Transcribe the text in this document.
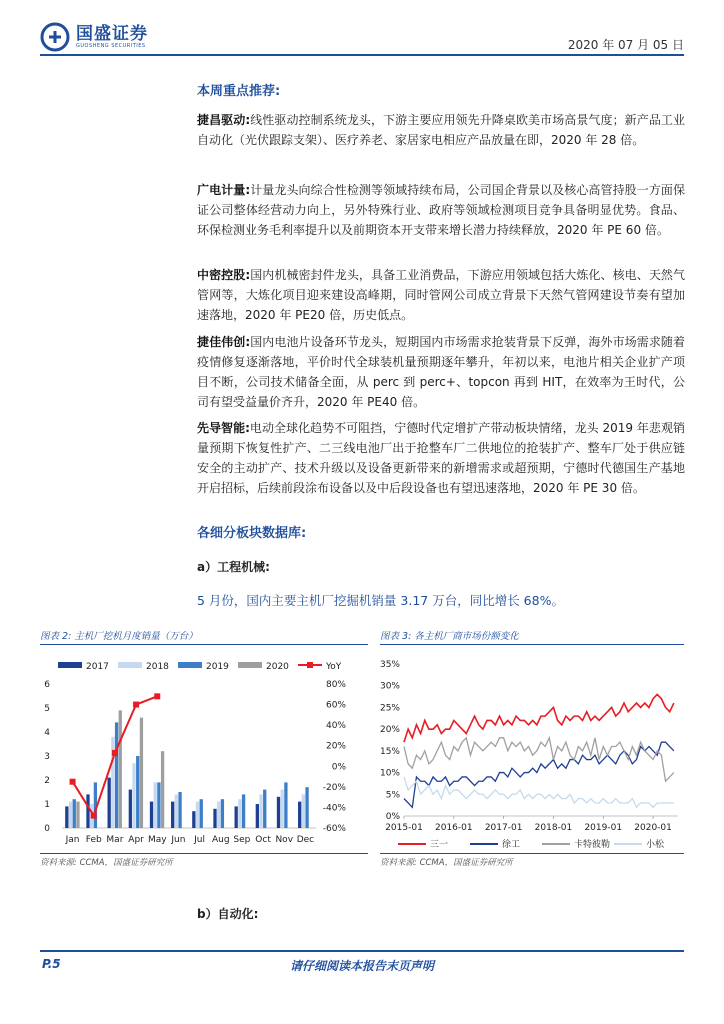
国盛证券
GUOSHENG SECURITIES	2020 年 07 月 05 日
本周重点推荐:
捷昌驱动:线性驱动控制系统龙头，下游主要应用领先升降桌欧美市场高景气度；新产品工业自动化（光伏跟踪支架）、医疗养老、家居家电相应产品放量在即，2020 年 28 倍。
广电计量:计量龙头向综合性检测等领域持续布局，公司国企背景以及核心高管持股一方面保证公司整体经营动力向上，另外特殊行业、政府等领域检测项目竞争具备明显优势。食品、环保检测业务毛利率提升以及前期资本开支带来增长潜力持续释放，2020 年 PE 60 倍。
中密控股:国内机械密封件龙头，具备工业消费品，下游应用领域包括大炼化、核电、天然气管网等，大炼化项目迎来建设高峰期，同时管网公司成立背景下天然气管网建设节奏有望加速落地，2020 年 PE20 倍，历史低点。
捷佳伟创:国内电池片设备环节龙头，短期国内市场需求抢装背景下反弹，海外市场需求随着疫情修复逐渐落地，平价时代全球装机量预期逐年攀升，年初以来，电池片相关企业扩产项目不断，公司技术储备全面，从 perc 到 perc+、topcon 再到 HIT，在效率为王时代，公司有望受益量价齐升，2020 年 PE40 倍。
先导智能:电动全球化趋势不可阻挡，宁德时代定增扩产带动板块情绪，龙头 2019 年悲观销量预期下恢复性扩产、二三线电池厂出于抢整车厂二供地位的抢装扩产、整车厂处于供应链安全的主动扩产、技术升级以及设备更新带来的新增需求或超预期，宁德时代德国生产基地开启招标，后续前段涂布设备以及中后段设备也有望迅速落地，2020 年 PE 30 倍。
各细分板块数据库:
a）工程机械:
5 月份，国内主要主机厂挖掘机销量 3.17 万台，同比增长 68%。
图表 2: 主机厂挖机月度销量（万台）
2017	2018	2019	2020	YoY
0
1
2
3
4
5
6
-60%
-40%
-20%
0%
20%
40%
60%
80%
Jan Feb Mar Apr May Jun Jul Aug Sep Oct Nov Dec
资料来源: CCMA，国盛证券研究所
图表 3: 各主机厂商市场份额变化
0%
5%
10%
15%
20%
25%
30%
35%
2015-01 2016-01 2017-01 2018-01 2019-01 2020-01
三一	徐工	卡特彼勒	小松
资料来源: CCMA，国盛证券研究所
b）自动化:
P.5	请仔细阅读本报告末页声明
